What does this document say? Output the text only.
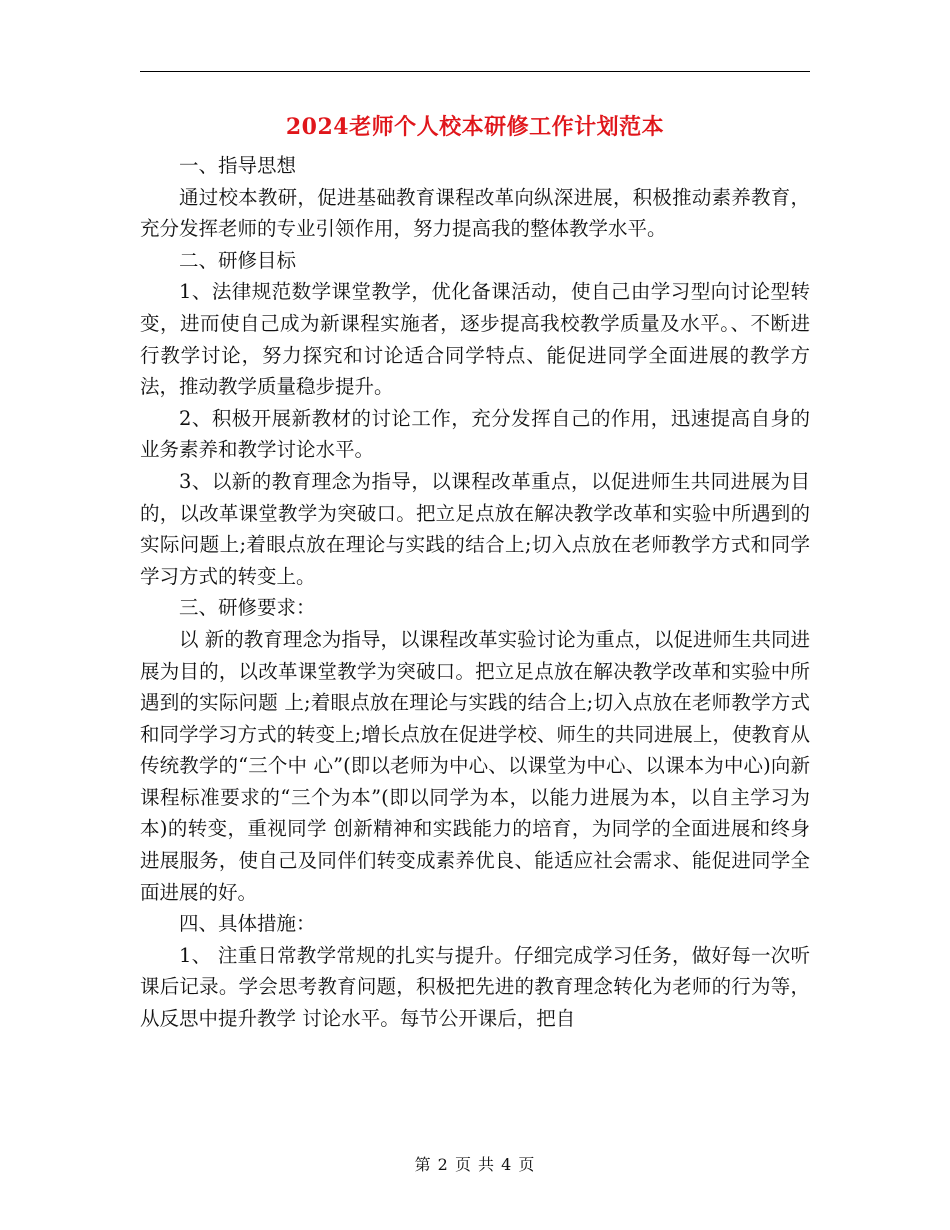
2024老师个人校本研修工作计划范本

一、指导思想

通过校本教研，促进基础教育课程改革向纵深进展，积极推动素养教育，充分发挥老师的专业引领作用，努力提高我的整体教学水平。

二、研修目标

1、法律规范数学课堂教学，优化备课活动，使自己由学习型向讨论型转变，进而使自己成为新课程实施者，逐步提高我校教学质量及水平。、不断进行教学讨论，努力探究和讨论适合同学特点、能促进同学全面进展的教学方法，推动教学质量稳步提升。

2、积极开展新教材的讨论工作，充分发挥自己的作用，迅速提高自身的业务素养和教学讨论水平。

3、以新的教育理念为指导，以课程改革重点，以促进师生共同进展为目的，以改革课堂教学为突破口。把立足点放在解决教学改革和实验中所遇到的实际问题上;着眼点放在理论与实践的结合上;切入点放在老师教学方式和同学学习方式的转变上。

三、研修要求：

以 新的教育理念为指导，以课程改革实验讨论为重点，以促进师生共同进展为目的，以改革课堂教学为突破口。把立足点放在解决教学改革和实验中所遇到的实际问题 上;着眼点放在理论与实践的结合上;切入点放在老师教学方式和同学学习方式的转变上;增长点放在促进学校、师生的共同进展上，使教育从传统教学的“三个中 心”(即以老师为中心、以课堂为中心、以课本为中心)向新课程标准要求的“三个为本”(即以同学为本，以能力进展为本，以自主学习为本)的转变，重视同学 创新精神和实践能力的培育，为同学的全面进展和终身进展服务，使自己及同伴们转变成素养优良、能适应社会需求、能促进同学全面进展的好。

四、具体措施：

1、 注重日常教学常规的扎实与提升。仔细完成学习任务，做好每一次听课后记录。学会思考教育问题，积极把先进的教育理念转化为老师的行为等，从反思中提升教学 讨论水平。每节公开课后，把自

第 2 页 共 4 页
